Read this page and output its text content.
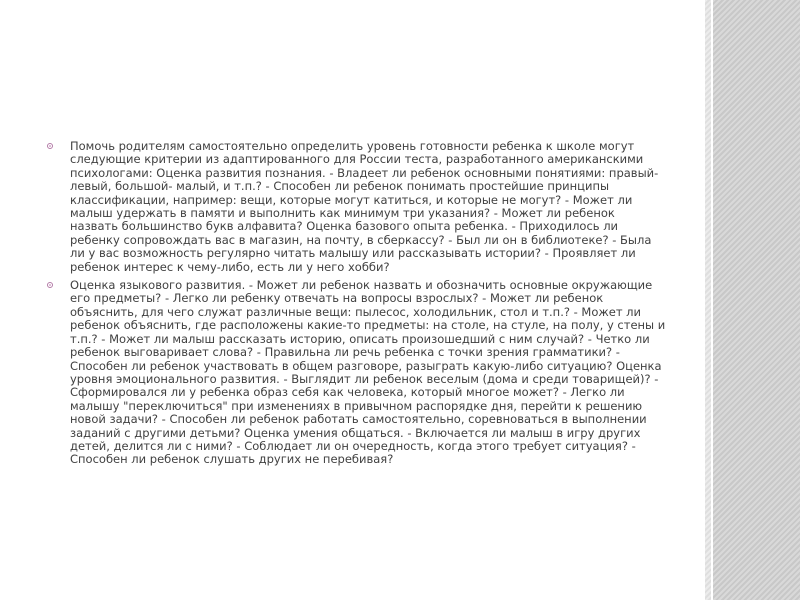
Помочь родителям самостоятельно определить уровень готовности ребенка к школе могут следующие критерии из адаптированного для России теста, разработанного американскими психологами: Оценка развития познания. - Владеет ли ребенок основными понятиями: правый-левый, большой- малый, и т.п.? - Способен ли ребенок понимать простейшие принципы классификации, например: вещи, которые могут катиться, и которые не могут? - Может ли малыш удержать в памяти и выполнить как минимум три указания? - Может ли ребенок назвать большинство букв алфавита? Оценка базового опыта ребенка. - Приходилось ли ребенку сопровождать вас в магазин, на почту, в сберкассу? - Был ли он в библиотеке? - Была ли у вас возможность регулярно читать малышу или рассказывать истории? - Проявляет ли ребенок интерес к чему-либо, есть ли у него хобби?
Оценка языкового развития. - Может ли ребенок назвать и обозначить основные окружающие его предметы? - Легко ли ребенку отвечать на вопросы взрослых? - Может ли ребенок объяснить, для чего служат различные вещи: пылесос, холодильник, стол и т.п.? - Может ли ребенок объяснить, где расположены какие-то предметы: на столе, на стуле, на полу, у стены и т.п.? - Может ли малыш рассказать историю, описать произошедший с ним случай? - Четко ли ребенок выговаривает слова? - Правильна ли речь ребенка с точки зрения грамматики? - Способен ли ребенок участвовать в общем разговоре, разыграть какую-либо ситуацию? Оценка уровня эмоционального развития. - Выглядит ли ребенок веселым (дома и среди товарищей)? - Сформировался ли у ребенка образ себя как человека, который многое может? - Легко ли малышу "переключиться" при изменениях в привычном распорядке дня, перейти к решению новой задачи? - Способен ли ребенок работать самостоятельно, соревноваться в выполнении заданий с другими детьми? Оценка умения общаться. - Включается ли малыш в игру других детей, делится ли с ними? - Соблюдает ли он очередность, когда этого требует ситуация? - Способен ли ребенок слушать других не перебивая?
